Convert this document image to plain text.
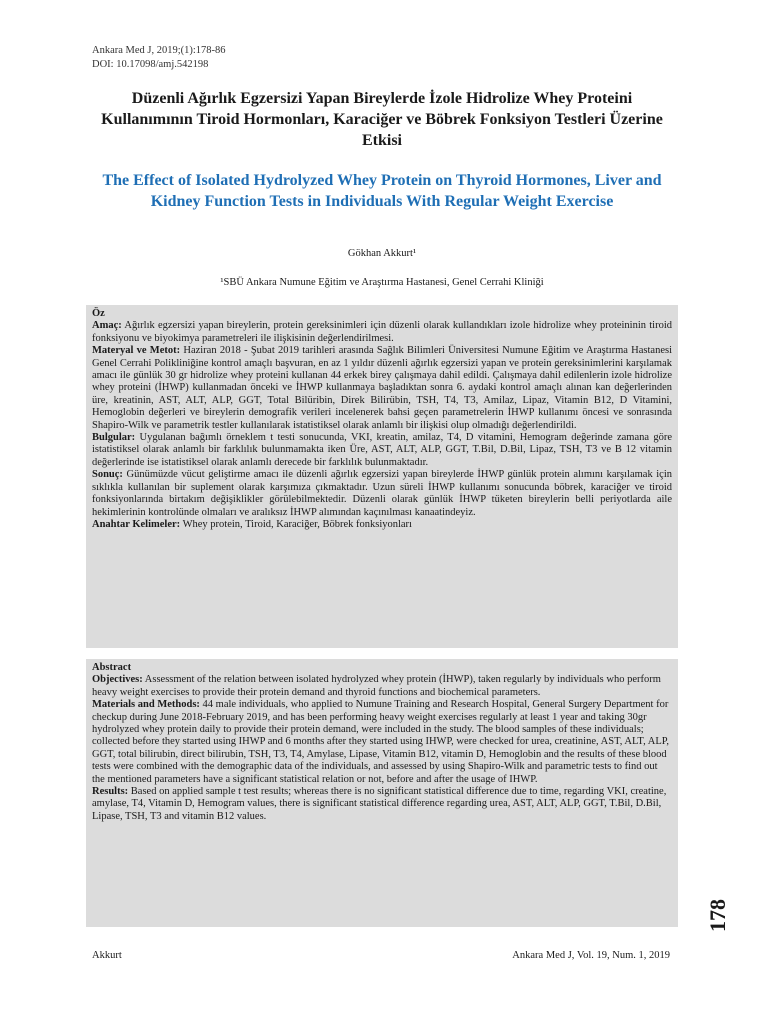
Ankara Med J, 2019;(1):178-86
DOI: 10.17098/amj.542198
Düzenli Ağırlık Egzersizi Yapan Bireylerde İzole Hidrolize Whey Proteini Kullanımının Tiroid Hormonları, Karaciğer ve Böbrek Fonksiyon Testleri Üzerine Etkisi
The Effect of Isolated Hydrolyzed Whey Protein on Thyroid Hormones, Liver and Kidney Function Tests in Individuals With Regular Weight Exercise
Gökhan Akkurt¹
¹SBÜ Ankara Numune Eğitim ve Araştırma Hastanesi, Genel Cerrahi Kliniği

Öz

Amaç: Ağırlık egzersizi yapan bireylerin, protein gereksinimleri için düzenli olarak kullandıkları izole hidrolize whey proteininin tiroid fonksiyonu ve biyokimya parametreleri ile ilişkisinin değerlendirilmesi.

Materyal ve Metot: Haziran 2018 - Şubat 2019 tarihleri arasında Sağlık Bilimleri Üniversitesi Numune Eğitim ve Araştırma Hastanesi Genel Cerrahi Polikliniğine kontrol amaçlı başvuran, en az 1 yıldır düzenli ağırlık egzersizi yapan ve protein gereksinimlerini karşılamak amacı ile günlük 30 gr hidrolize whey proteini kullanan 44 erkek birey çalışmaya dahil edildi. Çalışmaya dahil edilenlerin izole hidrolize whey proteini (İHWP) kullanmadan önceki ve İHWP kullanmaya başladıktan sonra 6. aydaki kontrol amaçlı alınan kan değerlerinden üre, kreatinin, AST, ALT, ALP, GGT, Total Bilüribin, Direk Bilirübin, TSH, T4, T3, Amilaz, Lipaz, Vitamin B12, D Vitamini, Hemoglobin değerleri ve bireylerin demografik verileri incelenerek bahsi geçen parametrelerin İHWP kullanımı öncesi ve sonrasında Shapiro-Wilk ve parametrik testler kullanılarak istatistiksel olarak anlamlı bir ilişkisi olup olmadığı değerlendirildi.

Bulgular: Uygulanan bağımlı örneklem t testi sonucunda, VKI, kreatin, amilaz, T4, D vitamini, Hemogram değerinde zamana göre istatistiksel olarak anlamlı bir farklılık bulunmamakta iken Üre, AST, ALT, ALP, GGT, T.Bil, D.Bil, Lipaz, TSH, T3 ve B 12 vitamin değerlerinde ise istatistiksel olarak anlamlı derecede bir farklılık bulunmaktadır.

Sonuç: Günümüzde vücut geliştirme amacı ile düzenli ağırlık egzersizi yapan bireylerde İHWP günlük protein alımını karşılamak için sıklıkla kullanılan bir suplement olarak karşımıza çıkmaktadır. Uzun süreli İHWP kullanımı sonucunda böbrek, karaciğer ve tiroid fonksiyonlarında birtakım değişiklikler görülebilmektedir. Düzenli olarak günlük İHWP tüketen bireylerin belli periyotlarda aile hekimlerinin kontrolünde olmaları ve aralıksız İHWP alımından kaçınılması kanaatindeyiz.

Anahtar Kelimeler: Whey protein, Tiroid, Karaciğer, Böbrek fonksiyonları

Abstract

Objectives: Assessment of the relation between isolated hydrolyzed whey protein (İHWP), taken regularly by individuals who perform heavy weight exercises to provide their protein demand and thyroid functions and biochemical parameters.

Materials and Methods: 44 male individuals, who applied to Numune Training and Research Hospital, General Surgery Department for checkup during June 2018-February 2019, and has been performing heavy weight exercises regularly at least 1 year and taking 30gr hydrolyzed whey protein daily to provide their protein demand, were included in the study. The blood samples of these individuals; collected before they started using IHWP and 6 months after they started using IHWP, were checked for urea, creatinine, AST, ALT, ALP, GGT, total bilirubin, direct bilirubin, TSH, T3, T4, Amylase, Lipase, Vitamin B12, vitamin D, Hemoglobin and the results of these blood tests were combined with the demographic data of the individuals, and assessed by using Shapiro-Wilk and parametric tests to find out the mentioned parameters have a significant statistical relation or not, before and after the usage of IHWP.

Results: Based on applied sample t test results; whereas there is no significant statistical difference due to time, regarding VKI, creatine, amylase, T4, Vitamin D, Hemogram values, there is significant statistical difference regarding urea, AST, ALT, ALP, GGT, T.Bil, D.Bil, Lipase, TSH, T3 and vitamin B12 values.

178
Akkurt	Ankara Med J, Vol. 19, Num. 1, 2019
